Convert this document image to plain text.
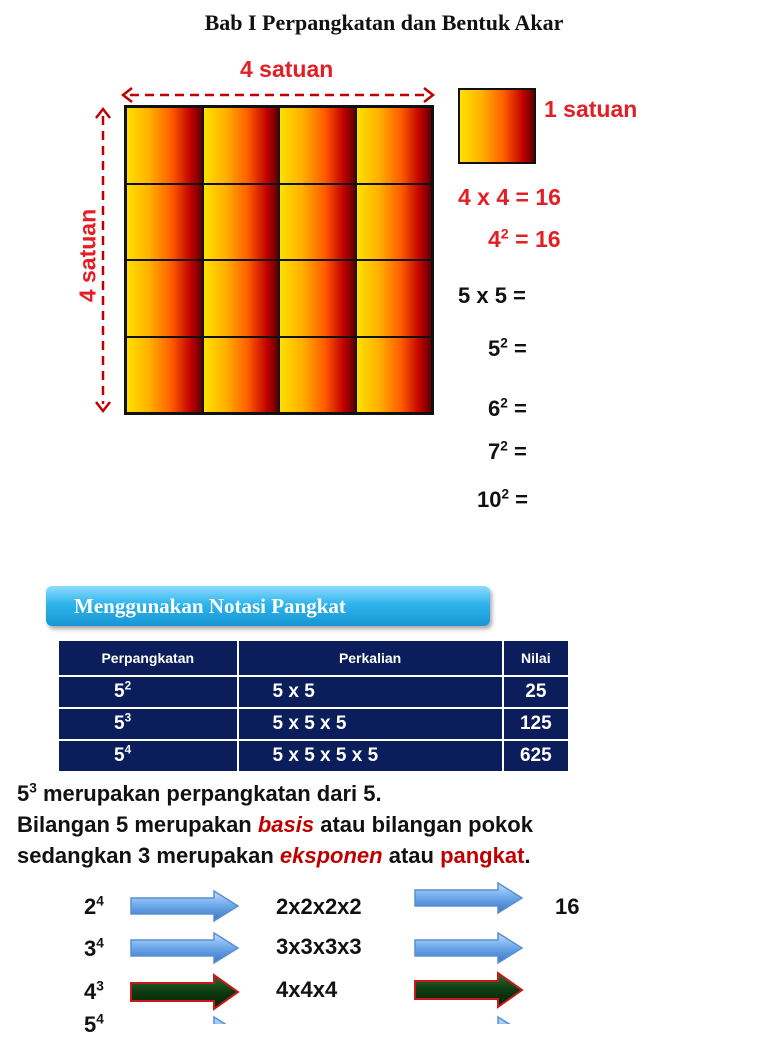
Bab I Perpangkatan dan Bentuk Akar
4 satuan
4 satuan
1 satuan
4 x 4 = 16
$4^2 = 16$
5 x 5 =
$5^2$ =
$6^2$ =
$7^2$ =
$10^2$ =
Menggunakan Notasi Pangkat
Perpangkatan	Perkalian	Nilai
$5^2$	5 x 5	25
$5^3$	5 x 5 x 5	125
$5^4$	5 x 5 x 5 x 5	625
$5^3$ merupakan perpangkatan dari 5.
Bilangan 5 merupakan basis atau bilangan pokok
sedangkan 3 merupakan eksponen atau pangkat.
$2^4$	2x2x2x2	16
$3^4$	3x3x3x3
$4^3$	4x4x4
$5^4$
